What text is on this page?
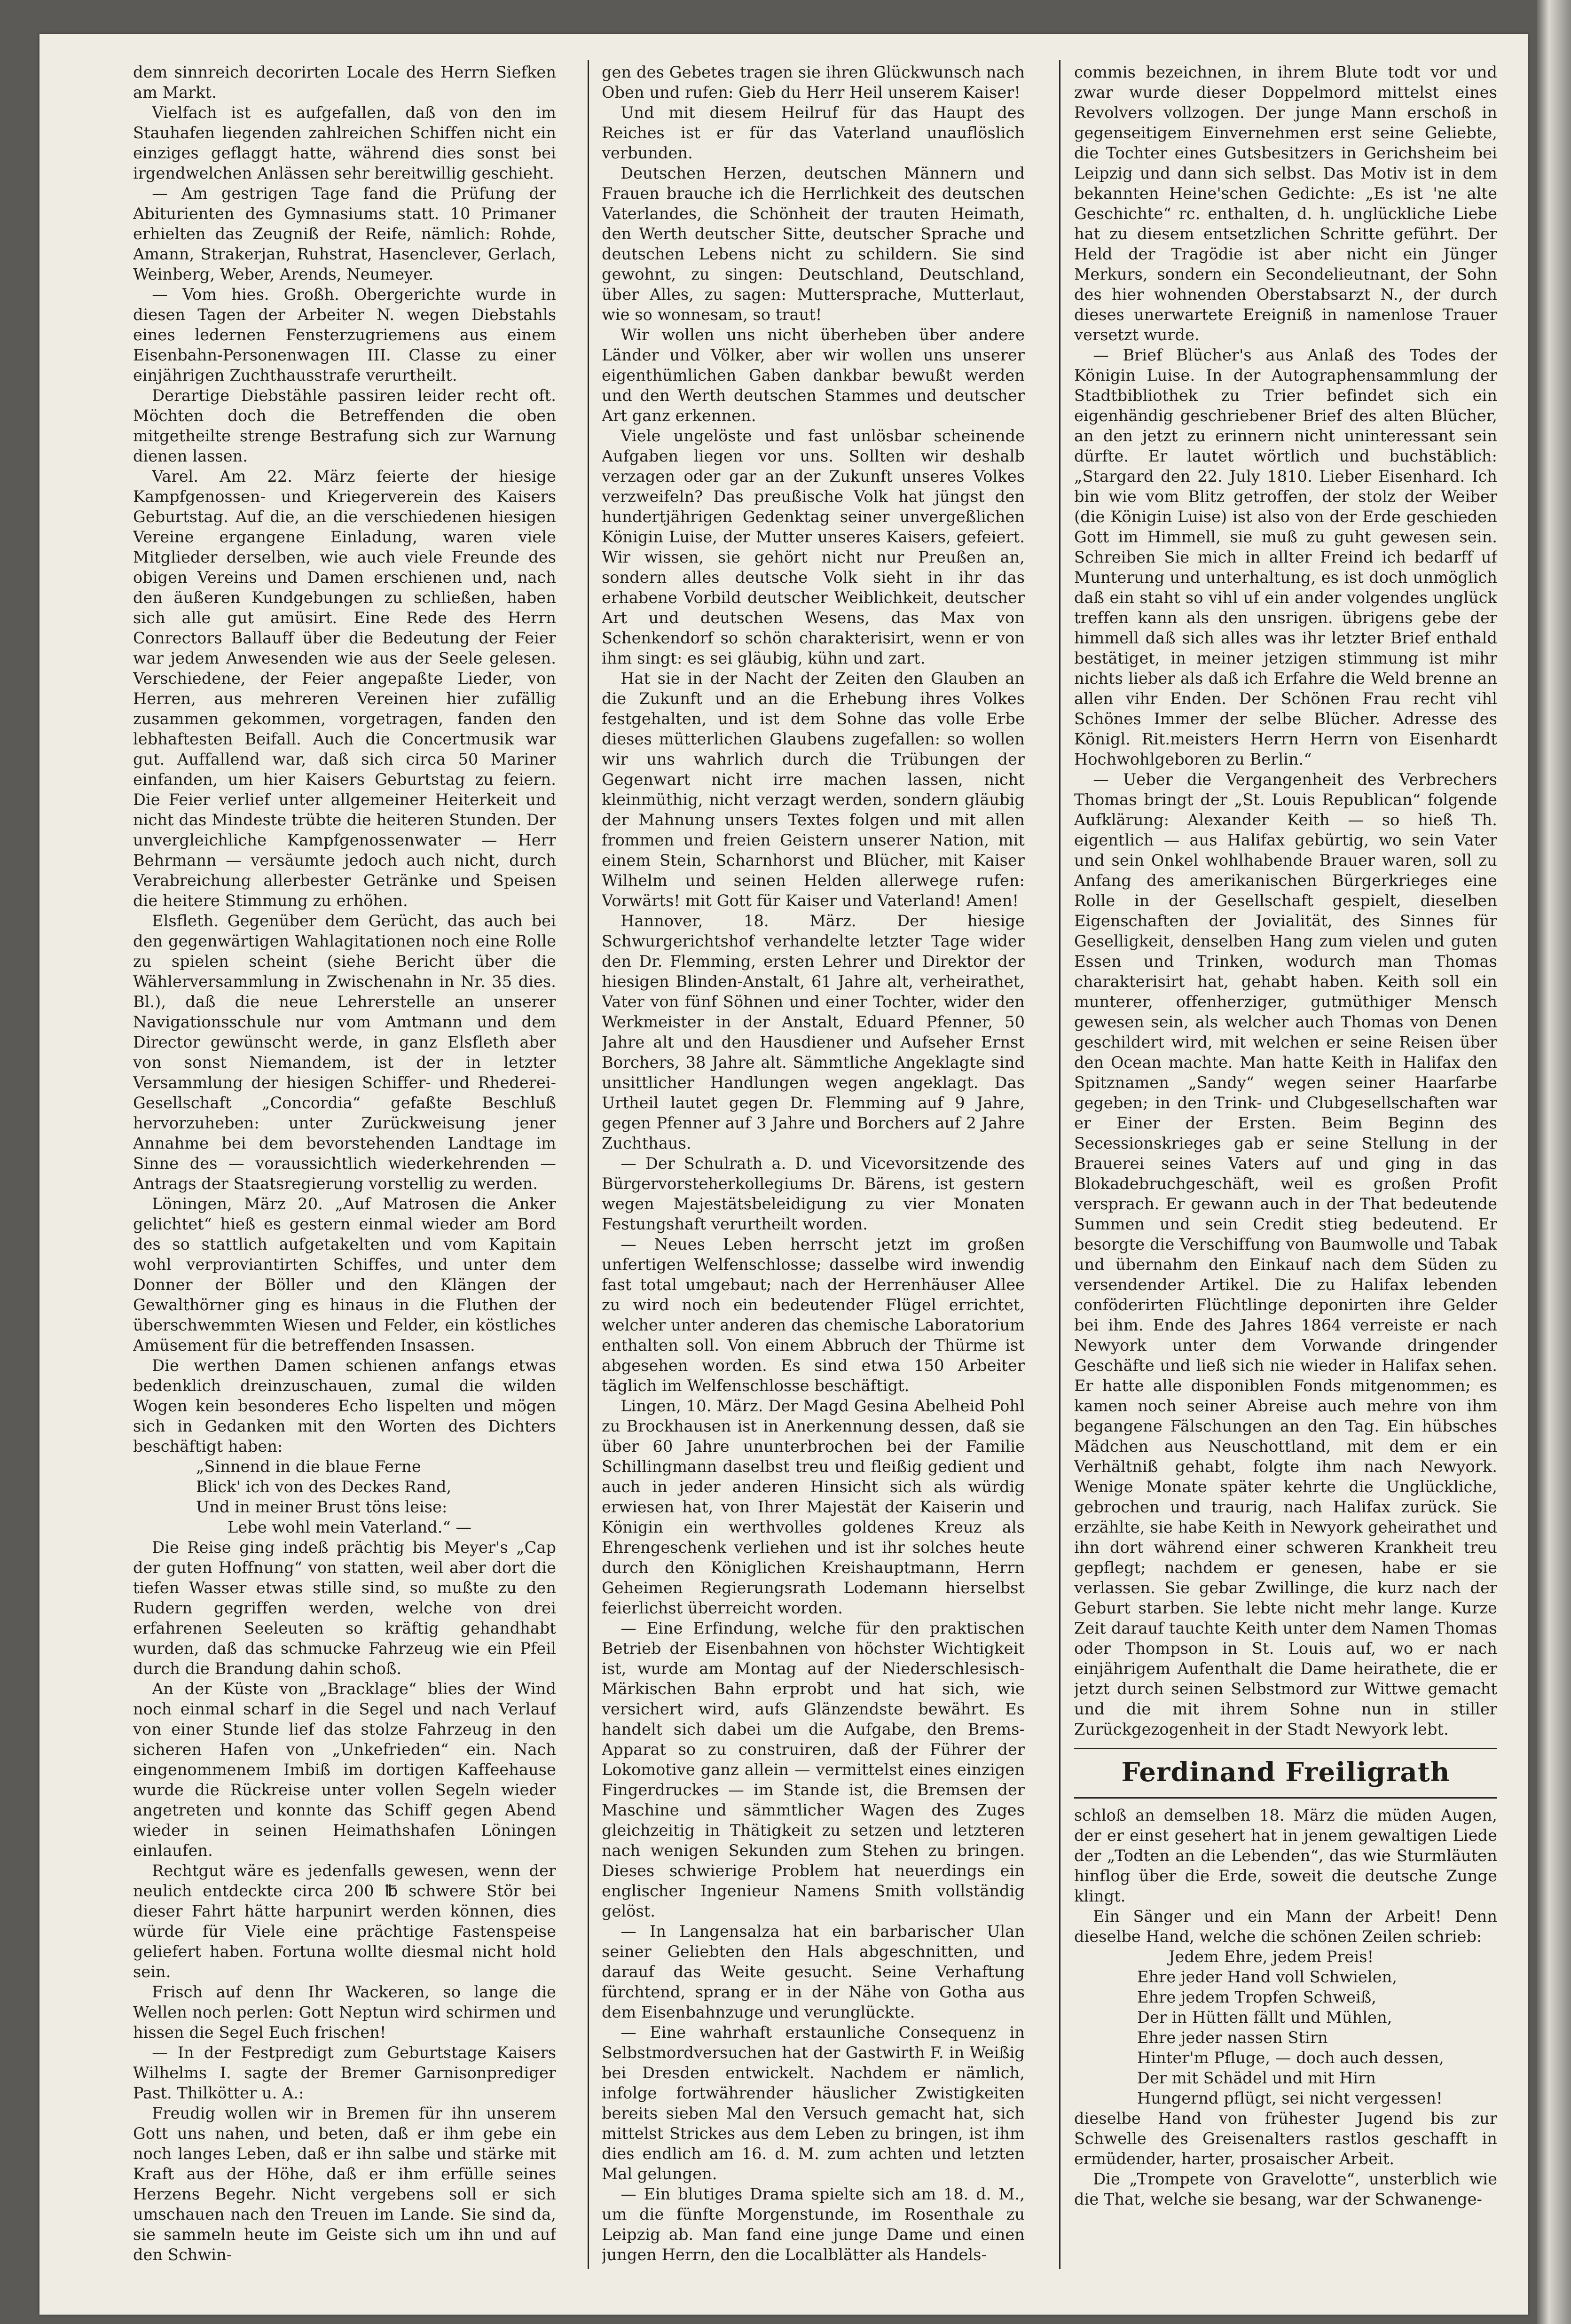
dem sinnreich decorirten Locale des Herrn Siefken am Markt.

Vielfach ist es aufgefallen, daß von den im Stauhafen liegenden zahlreichen Schiffen nicht ein einziges geflaggt hatte, während dies sonst bei irgendwelchen Anlässen sehr bereitwillig geschieht.

— Am gestrigen Tage fand die Prüfung der Abiturienten des Gymnasiums statt. 10 Primaner erhielten das Zeugniß der Reife, nämlich: Rohde, Amann, Strakerjan, Ruhstrat, Hasenclever, Gerlach, Weinberg, Weber, Arends, Neumeyer.

— Vom hies. Großh. Obergerichte wurde in diesen Tagen der Arbeiter N. wegen Diebstahls eines ledernen Fensterzugriemens aus einem Eisenbahn-Personenwagen III. Classe zu einer einjährigen Zuchthausstrafe verurtheilt.

Derartige Diebstähle passiren leider recht oft. Möchten doch die Betreffenden die oben mitgetheilte strenge Bestrafung sich zur Warnung dienen lassen.

Varel. Am 22. März feierte der hiesige Kampfgenossen- und Kriegerverein des Kaisers Geburtstag. Auf die, an die verschiedenen hiesigen Vereine ergangene Einladung, waren viele Mitglieder derselben, wie auch viele Freunde des obigen Vereins und Damen erschienen und, nach den äußeren Kundgebungen zu schließen, haben sich alle gut amüsirt. Eine Rede des Herrn Conrectors Ballauff über die Bedeutung der Feier war jedem Anwesenden wie aus der Seele gelesen. Verschiedene, der Feier angepaßte Lieder, von Herren, aus mehreren Vereinen hier zufällig zusammen gekommen, vorgetragen, fanden den lebhaftesten Beifall. Auch die Concertmusik war gut. Auffallend war, daß sich circa 50 Mariner einfanden, um hier Kaisers Geburtstag zu feiern. Die Feier verlief unter allgemeiner Heiterkeit und nicht das Mindeste trübte die heiteren Stunden. Der unvergleichliche Kampfgenossenwater — Herr Behrmann — versäumte jedoch auch nicht, durch Verabreichung allerbester Getränke und Speisen die heitere Stimmung zu erhöhen.

Elsfleth. Gegenüber dem Gerücht, das auch bei den gegenwärtigen Wahlagitationen noch eine Rolle zu spielen scheint (siehe Bericht über die Wählerversammlung in Zwischenahn in Nr. 35 dies. Bl.), daß die neue Lehrerstelle an unserer Navigationsschule nur vom Amtmann und dem Director gewünscht werde, in ganz Elsfleth aber von sonst Niemandem, ist der in letzter Versammlung der hiesigen Schiffer- und Rhederei-Gesellschaft „Concordia“ gefaßte Beschluß hervorzuheben: unter Zurückweisung jener Annahme bei dem bevorstehenden Landtage im Sinne des — voraussichtlich wiederkehrenden — Antrags der Staatsregierung vorstellig zu werden.

Löningen, März 20. „Auf Matrosen die Anker gelichtet“ hieß es gestern einmal wieder am Bord des so stattlich aufgetakelten und vom Kapitain wohl verproviantirten Schiffes, und unter dem Donner der Böller und den Klängen der Gewalthörner ging es hinaus in die Fluthen der überschwemmten Wiesen und Felder, ein köstliches Amüsement für die betreffenden Insassen.

Die werthen Damen schienen anfangs etwas bedenklich dreinzuschauen, zumal die wilden Wogen kein besonderes Echo lispelten und mögen sich in Gedanken mit den Worten des Dichters beschäftigt haben:

„Sinnend in die blaue Ferne

Blick' ich von des Deckes Rand,

Und in meiner Brust töns leise:

Lebe wohl mein Vaterland.“ —

Die Reise ging indeß prächtig bis Meyer's „Cap der guten Hoffnung“ von statten, weil aber dort die tiefen Wasser etwas stille sind, so mußte zu den Rudern gegriffen werden, welche von drei erfahrenen Seeleuten so kräftig gehandhabt wurden, daß das schmucke Fahrzeug wie ein Pfeil durch die Brandung dahin schoß.

An der Küste von „Bracklage“ blies der Wind noch einmal scharf in die Segel und nach Verlauf von einer Stunde lief das stolze Fahrzeug in den sicheren Hafen von „Unkefrieden“ ein. Nach eingenommenem Imbiß im dortigen Kaffeehause wurde die Rückreise unter vollen Segeln wieder angetreten und konnte das Schiff gegen Abend wieder in seinen Heimathshafen Löningen einlaufen.

Rechtgut wäre es jedenfalls gewesen, wenn der neulich entdeckte circa 200 ℔ schwere Stör bei dieser Fahrt hätte harpunirt werden können, dies würde für Viele eine prächtige Fastenspeise geliefert haben. Fortuna wollte diesmal nicht hold sein.

Frisch auf denn Ihr Wackeren, so lange die Wellen noch perlen: Gott Neptun wird schirmen und hissen die Segel Euch frischen!

— In der Festpredigt zum Geburtstage Kaisers Wilhelms I. sagte der Bremer Garnisonprediger Past. Thilkötter u. A.:

Freudig wollen wir in Bremen für ihn unserem Gott uns nahen, und beten, daß er ihm gebe ein noch langes Leben, daß er ihn salbe und stärke mit Kraft aus der Höhe, daß er ihm erfülle seines Herzens Begehr. Nicht vergebens soll er sich umschauen nach den Treuen im Lande. Sie sind da, sie sammeln heute im Geiste sich um ihn und auf den Schwin-

gen des Gebetes tragen sie ihren Glückwunsch nach Oben und rufen: Gieb du Herr Heil unserem Kaiser!

Und mit diesem Heilruf für das Haupt des Reiches ist er für das Vaterland unauflöslich verbunden.

Deutschen Herzen, deutschen Männern und Frauen brauche ich die Herrlichkeit des deutschen Vaterlandes, die Schönheit der trauten Heimath, den Werth deutscher Sitte, deutscher Sprache und deutschen Lebens nicht zu schildern. Sie sind gewohnt, zu singen: Deutschland, Deutschland, über Alles, zu sagen: Muttersprache, Mutterlaut, wie so wonnesam, so traut!

Wir wollen uns nicht überheben über andere Länder und Völker, aber wir wollen uns unserer eigenthümlichen Gaben dankbar bewußt werden und den Werth deutschen Stammes und deutscher Art ganz erkennen.

Viele ungelöste und fast unlösbar scheinende Aufgaben liegen vor uns. Sollten wir deshalb verzagen oder gar an der Zukunft unseres Volkes verzweifeln? Das preußische Volk hat jüngst den hundertjährigen Gedenktag seiner unvergeßlichen Königin Luise, der Mutter unseres Kaisers, gefeiert. Wir wissen, sie gehört nicht nur Preußen an, sondern alles deutsche Volk sieht in ihr das erhabene Vorbild deutscher Weiblichkeit, deutscher Art und deutschen Wesens, das Max von Schenkendorf so schön charakterisirt, wenn er von ihm singt: es sei gläubig, kühn und zart.

Hat sie in der Nacht der Zeiten den Glauben an die Zukunft und an die Erhebung ihres Volkes festgehalten, und ist dem Sohne das volle Erbe dieses mütterlichen Glaubens zugefallen: so wollen wir uns wahrlich durch die Trübungen der Gegenwart nicht irre machen lassen, nicht kleinmüthig, nicht verzagt werden, sondern gläubig der Mahnung unsers Textes folgen und mit allen frommen und freien Geistern unserer Nation, mit einem Stein, Scharnhorst und Blücher, mit Kaiser Wilhelm und seinen Helden allerwege rufen: Vorwärts! mit Gott für Kaiser und Vaterland! Amen!

Hannover, 18. März. Der hiesige Schwurgerichtshof verhandelte letzter Tage wider den Dr. Flemming, ersten Lehrer und Direktor der hiesigen Blinden-Anstalt, 61 Jahre alt, verheirathet, Vater von fünf Söhnen und einer Tochter, wider den Werkmeister in der Anstalt, Eduard Pfenner, 50 Jahre alt und den Hausdiener und Aufseher Ernst Borchers, 38 Jahre alt. Sämmtliche Angeklagte sind unsittlicher Handlungen wegen angeklagt. Das Urtheil lautet gegen Dr. Flemming auf 9 Jahre, gegen Pfenner auf 3 Jahre und Borchers auf 2 Jahre Zuchthaus.

— Der Schulrath a. D. und Vicevorsitzende des Bürgervorsteherkollegiums Dr. Bärens, ist gestern wegen Majestätsbeleidigung zu vier Monaten Festungshaft verurtheilt worden.

— Neues Leben herrscht jetzt im großen unfertigen Welfenschlosse; dasselbe wird inwendig fast total umgebaut; nach der Herrenhäuser Allee zu wird noch ein bedeutender Flügel errichtet, welcher unter anderen das chemische Laboratorium enthalten soll. Von einem Abbruch der Thürme ist abgesehen worden. Es sind etwa 150 Arbeiter täglich im Welfenschlosse beschäftigt.

Lingen, 10. März. Der Magd Gesina Abelheid Pohl zu Brockhausen ist in Anerkennung dessen, daß sie über 60 Jahre ununterbrochen bei der Familie Schillingmann daselbst treu und fleißig gedient und auch in jeder anderen Hinsicht sich als würdig erwiesen hat, von Ihrer Majestät der Kaiserin und Königin ein werthvolles goldenes Kreuz als Ehrengeschenk verliehen und ist ihr solches heute durch den Königlichen Kreishauptmann, Herrn Geheimen Regierungsrath Lodemann hierselbst feierlichst überreicht worden.

— Eine Erfindung, welche für den praktischen Betrieb der Eisenbahnen von höchster Wichtigkeit ist, wurde am Montag auf der Niederschlesisch-Märkischen Bahn erprobt und hat sich, wie versichert wird, aufs Glänzendste bewährt. Es handelt sich dabei um die Aufgabe, den Brems-Apparat so zu construiren, daß der Führer der Lokomotive ganz allein — vermittelst eines einzigen Fingerdruckes — im Stande ist, die Bremsen der Maschine und sämmtlicher Wagen des Zuges gleichzeitig in Thätigkeit zu setzen und letzteren nach wenigen Sekunden zum Stehen zu bringen. Dieses schwierige Problem hat neuerdings ein englischer Ingenieur Namens Smith vollständig gelöst.

— In Langensalza hat ein barbarischer Ulan seiner Geliebten den Hals abgeschnitten, und darauf das Weite gesucht. Seine Verhaftung fürchtend, sprang er in der Nähe von Gotha aus dem Eisenbahnzuge und verunglückte.

— Eine wahrhaft erstaunliche Consequenz in Selbstmordversuchen hat der Gastwirth F. in Weißig bei Dresden entwickelt. Nachdem er nämlich, infolge fortwährender häuslicher Zwistigkeiten bereits sieben Mal den Versuch gemacht hat, sich mittelst Strickes aus dem Leben zu bringen, ist ihm dies endlich am 16. d. M. zum achten und letzten Mal gelungen.

— Ein blutiges Drama spielte sich am 18. d. M., um die fünfte Morgenstunde, im Rosenthale zu Leipzig ab. Man fand eine junge Dame und einen jungen Herrn, den die Localblätter als Handels-

commis bezeichnen, in ihrem Blute todt vor und zwar wurde dieser Doppelmord mittelst eines Revolvers vollzogen. Der junge Mann erschoß in gegenseitigem Einvernehmen erst seine Geliebte, die Tochter eines Gutsbesitzers in Gerichsheim bei Leipzig und dann sich selbst. Das Motiv ist in dem bekannten Heine'schen Gedichte: „Es ist 'ne alte Geschichte“ rc. enthalten, d. h. unglückliche Liebe hat zu diesem entsetzlichen Schritte geführt. Der Held der Tragödie ist aber nicht ein Jünger Merkurs, sondern ein Secondelieutnant, der Sohn des hier wohnenden Oberstabsarzt N., der durch dieses unerwartete Ereigniß in namenlose Trauer versetzt wurde.

— Brief Blücher's aus Anlaß des Todes der Königin Luise. In der Autographensammlung der Stadtbibliothek zu Trier befindet sich ein eigenhändig geschriebener Brief des alten Blücher, an den jetzt zu erinnern nicht uninteressant sein dürfte. Er lautet wörtlich und buchstäblich: „Stargard den 22. July 1810. Lieber Eisenhard. Ich bin wie vom Blitz getroffen, der stolz der Weiber (die Königin Luise) ist also von der Erde geschieden Gott im Himmell, sie muß zu guht gewesen sein. Schreiben Sie mich in allter Freind ich bedarff uf Munterung und unterhaltung, es ist doch unmöglich daß ein staht so vihl uf ein ander volgendes unglück treffen kann als den unsrigen. übrigens gebe der himmell daß sich alles was ihr letzter Brief enthald bestätiget, in meiner jetzigen stimmung ist mihr nichts lieber als daß ich Erfahre die Weld brenne an allen vihr Enden. Der Schönen Frau recht vihl Schönes Immer der selbe Blücher. Adresse des Königl. Rit.meisters Herrn Herrn von Eisenhardt Hochwohlgeboren zu Berlin.“

— Ueber die Vergangenheit des Verbrechers Thomas bringt der „St. Louis Republican“ folgende Aufklärung: Alexander Keith — so hieß Th. eigentlich — aus Halifax gebürtig, wo sein Vater und sein Onkel wohlhabende Brauer waren, soll zu Anfang des amerikanischen Bürgerkrieges eine Rolle in der Gesellschaft gespielt, dieselben Eigenschaften der Jovialität, des Sinnes für Geselligkeit, denselben Hang zum vielen und guten Essen und Trinken, wodurch man Thomas charakterisirt hat, gehabt haben. Keith soll ein munterer, offenherziger, gutmüthiger Mensch gewesen sein, als welcher auch Thomas von Denen geschildert wird, mit welchen er seine Reisen über den Ocean machte. Man hatte Keith in Halifax den Spitznamen „Sandy“ wegen seiner Haarfarbe gegeben; in den Trink- und Clubgesellschaften war er Einer der Ersten. Beim Beginn des Secessionskrieges gab er seine Stellung in der Brauerei seines Vaters auf und ging in das Blokadebruchgeschäft, weil es großen Profit versprach. Er gewann auch in der That bedeutende Summen und sein Credit stieg bedeutend. Er besorgte die Verschiffung von Baumwolle und Tabak und übernahm den Einkauf nach dem Süden zu versendender Artikel. Die zu Halifax lebenden conföderirten Flüchtlinge deponirten ihre Gelder bei ihm. Ende des Jahres 1864 verreiste er nach Newyork unter dem Vorwande dringender Geschäfte und ließ sich nie wieder in Halifax sehen. Er hatte alle disponiblen Fonds mitgenommen; es kamen noch seiner Abreise auch mehre von ihm begangene Fälschungen an den Tag. Ein hübsches Mädchen aus Neuschottland, mit dem er ein Verhältniß gehabt, folgte ihm nach Newyork. Wenige Monate später kehrte die Unglückliche, gebrochen und traurig, nach Halifax zurück. Sie erzählte, sie habe Keith in Newyork geheirathet und ihn dort während einer schweren Krankheit treu gepflegt; nachdem er genesen, habe er sie verlassen. Sie gebar Zwillinge, die kurz nach der Geburt starben. Sie lebte nicht mehr lange. Kurze Zeit darauf tauchte Keith unter dem Namen Thomas oder Thompson in St. Louis auf, wo er nach einjährigem Aufenthalt die Dame heirathete, die er jetzt durch seinen Selbstmord zur Wittwe gemacht und die mit ihrem Sohne nun in stiller Zurückgezogenheit in der Stadt Newyork lebt.

Ferdinand Freiligrath

schloß an demselben 18. März die müden Augen, der er einst gesehert hat in jenem gewaltigen Liede der „Todten an die Lebenden“, das wie Sturmläuten hinflog über die Erde, soweit die deutsche Zunge klingt.

Ein Sänger und ein Mann der Arbeit! Denn dieselbe Hand, welche die schönen Zeilen schrieb:

Jedem Ehre, jedem Preis!

Ehre jeder Hand voll Schwielen,

Ehre jedem Tropfen Schweiß,

Der in Hütten fällt und Mühlen,

Ehre jeder nassen Stirn

Hinter'm Pfluge, — doch auch dessen,

Der mit Schädel und mit Hirn

Hungernd pflügt, sei nicht vergessen!

dieselbe Hand von frühester Jugend bis zur Schwelle des Greisenalters rastlos geschafft in ermüdender, harter, prosaischer Arbeit.

Die „Trompete von Gravelotte“, unsterblich wie die That, welche sie besang, war der Schwanenge-
